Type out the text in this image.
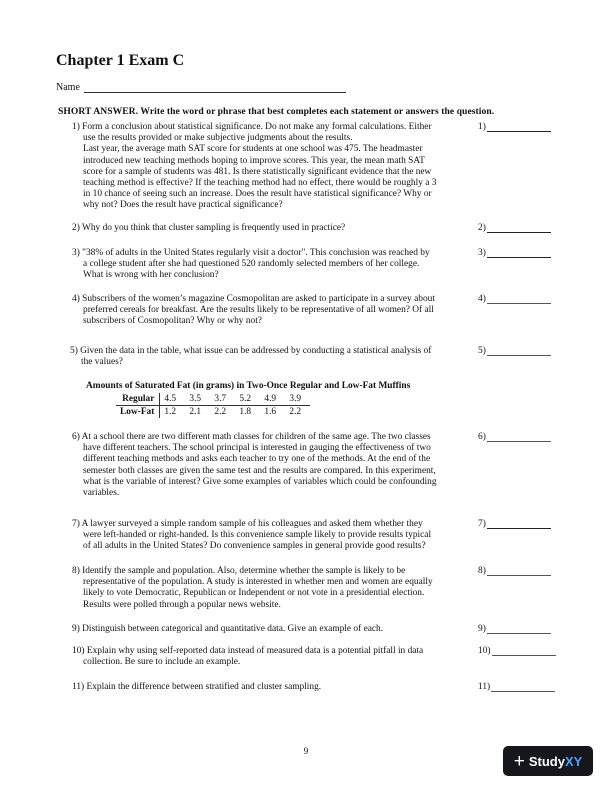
Chapter 1 Exam C
Name
SHORT ANSWER. Write the word or phrase that best completes each statement or answers the question.
1) Form a conclusion about statistical significance. Do not make any formal calculations. Either
use the results provided or make subjective judgments about the results.
Last year, the average math SAT score for students at one school was 475. The headmaster
introduced new teaching methods hoping to improve scores. This year, the mean math SAT
score for a sample of students was 481. Is there statistically significant evidence that the new
teaching method is effective? If the teaching method had no effect, there would be roughly a 3
in 10 chance of seeing such an increase. Does the result have statistical significance? Why or
why not? Does the result have practical significance?
1)
2) Why do you think that cluster sampling is frequently used in practice?	2)
3) "38% of adults in the United States regularly visit a doctor". This conclusion was reached by
a college student after she had questioned 520 randomly selected members of her college.
What is wrong with her conclusion?
3)
4) Subscribers of the women’s magazine Cosmopolitan are asked to participate in a survey about
preferred cereals for breakfast. Are the results likely to be representative of all women? Of all
subscribers of Cosmopolitan? Why or why not?
4)
5) Given the data in the table, what issue can be addressed by conducting a statistical analysis of
the values?
5)
Amounts of Saturated Fat (in grams) in Two-Once Regular and Low-Fat Muffins
Regular	4.5	3.5	3.7	5.2	4.9	3.9
Low-Fat	1.2	2.1	2.2	1.8	1.6	2.2
6) At a school there are two different math classes for children of the same age. The two classes
have different teachers. The school principal is interested in gauging the effectiveness of two
different teaching methods and asks each teacher to try one of the methods. At the end of the
semester both classes are given the same test and the results are compared. In this experiment,
what is the variable of interest? Give some examples of variables which could be confounding
variables.
6)
7) A lawyer surveyed a simple random sample of his colleagues and asked them whether they
were left-handed or right-handed. Is this convenience sample likely to provide results typical
of all adults in the United States? Do convenience samples in general provide good results?
7)
8) Identify the sample and population. Also, determine whether the sample is likely to be
representative of the population. A study is interested in whether men and women are equally
likely to vote Democratic, Republican or Independent or not vote in a presidential election.
Results were polled through a popular news website.
8)
9) Distinguish between categorical and quantitative data. Give an example of each.	9)
10) Explain why using self-reported data instead of measured data is a potential pitfall in data
collection. Be sure to include an example.
10)
11) Explain the difference between stratified and cluster sampling.	11)
9	+ Study XY
